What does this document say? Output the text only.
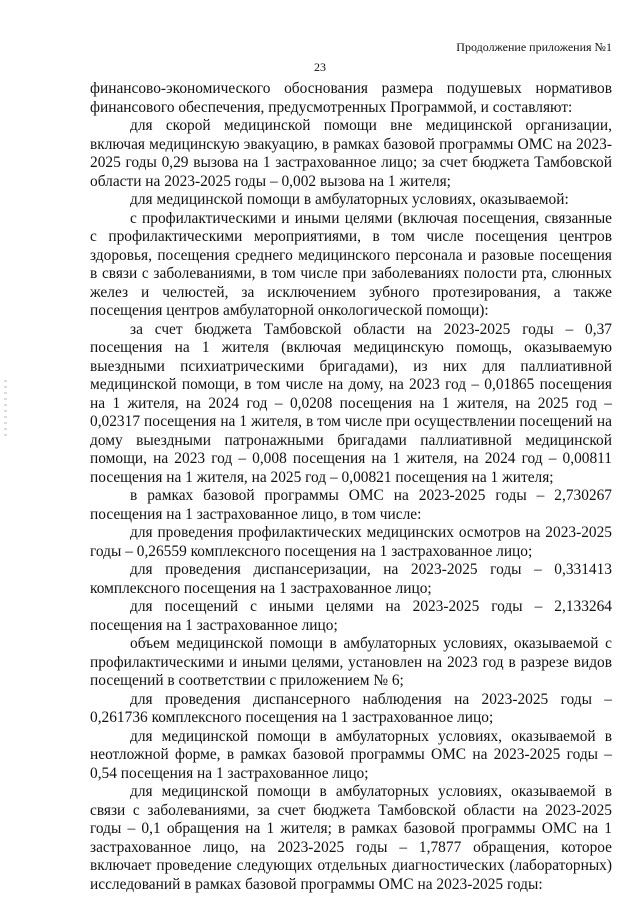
Продолжение приложения №1
23

финансово-экономического обоснования размера подушевых нормативов финансового обеспечения, предусмотренных Программой, и составляют:

для скорой медицинской помощи вне медицинской организации, включая медицинскую эвакуацию, в рамках базовой программы ОМС на 2023-2025 годы 0,29 вызова на 1 застрахованное лицо; за счет бюджета Тамбовской области на 2023-2025 годы – 0,002 вызова на 1 жителя;

для медицинской помощи в амбулаторных условиях, оказываемой:

с профилактическими и иными целями (включая посещения, связанные с профилактическими мероприятиями, в том числе посещения центров здоровья, посещения среднего медицинского персонала и разовые посещения в связи с заболеваниями, в том числе при заболеваниях полости рта, слюнных желез и челюстей, за исключением зубного протезирования, а также посещения центров амбулаторной онкологической помощи):

за счет бюджета Тамбовской области на 2023-2025 годы – 0,37 посещения на 1 жителя (включая медицинскую помощь, оказываемую выездными психиатрическими бригадами), из них для паллиативной медицинской помощи, в том числе на дому, на 2023 год – 0,01865 посещения на 1 жителя, на 2024 год – 0,0208 посещения на 1 жителя, на 2025 год – 0,02317 посещения на 1 жителя, в том числе при осуществлении посещений на дому выездными патронажными бригадами паллиативной медицинской помощи, на 2023 год – 0,008 посещения на 1 жителя, на 2024 год – 0,00811 посещения на 1 жителя, на 2025 год – 0,00821 посещения на 1 жителя;

в рамках базовой программы ОМС на 2023-2025 годы – 2,730267 посещения на 1 застрахованное лицо, в том числе:

для проведения профилактических медицинских осмотров на 2023-2025 годы – 0,26559 комплексного посещения на 1 застрахованное лицо;

для проведения диспансеризации, на 2023-2025 годы – 0,331413 комплексного посещения на 1 застрахованное лицо;

для посещений с иными целями на 2023-2025 годы – 2,133264 посещения на 1 застрахованное лицо;

объем медицинской помощи в амбулаторных условиях, оказываемой с профилактическими и иными целями, установлен на 2023 год в разрезе видов посещений в соответствии с приложением № 6;

для проведения диспансерного наблюдения на 2023-2025 годы – 0,261736 комплексного посещения на 1 застрахованное лицо;

для медицинской помощи в амбулаторных условиях, оказываемой в неотложной форме, в рамках базовой программы ОМС на 2023-2025 годы – 0,54 посещения на 1 застрахованное лицо;

для медицинской помощи в амбулаторных условиях, оказываемой в связи с заболеваниями, за счет бюджета Тамбовской области на 2023-2025 годы – 0,1 обращения на 1 жителя; в рамках базовой программы ОМС на 1 застрахованное лицо, на 2023-2025 годы – 1,7877 обращения, которое включает проведение следующих отдельных диагностических (лабораторных) исследований в рамках базовой программы ОМС на 2023-2025 годы:
